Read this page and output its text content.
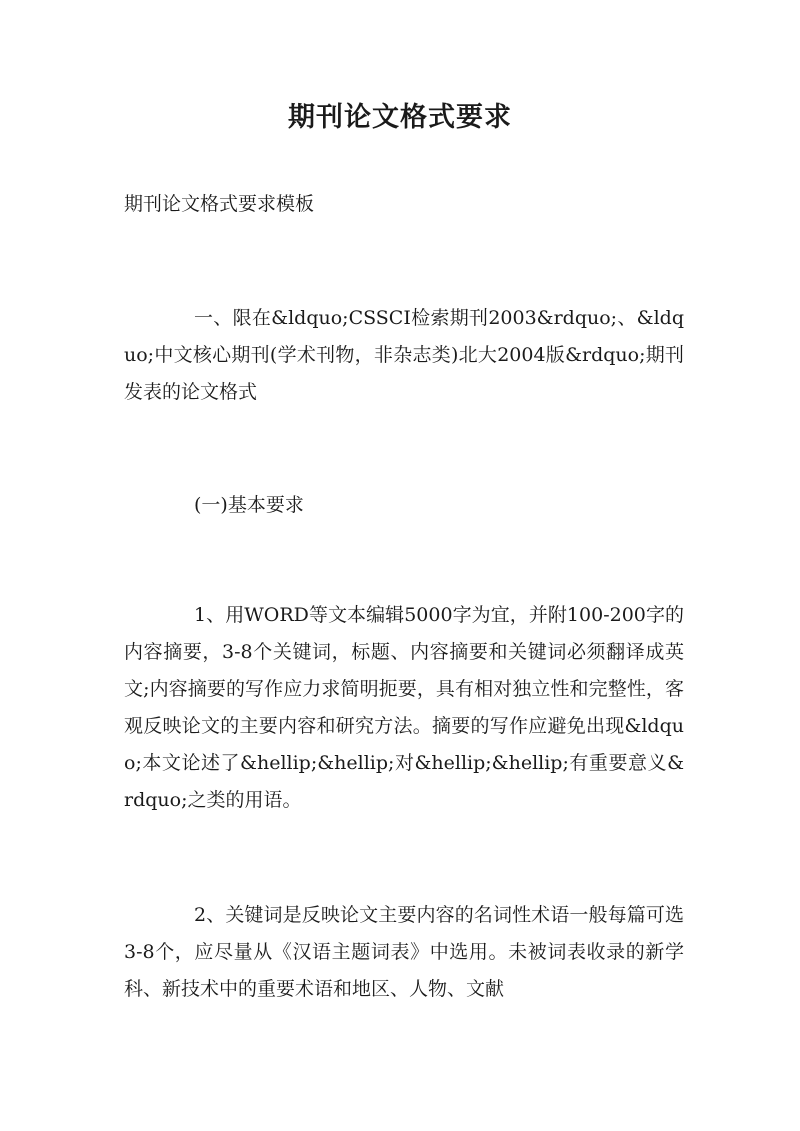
期刊论文格式要求

期刊论文格式要求模板

一、限在&ldquo;CSSCI检索期刊2003&rdquo;、&ldquo;中文核心期刊(学术刊物，非杂志类)北大2004版&rdquo;期刊发表的论文格式

(一)基本要求

1、用WORD等文本编辑5000字为宜，并附100-200字的内容摘要，3-8个关键词，标题、内容摘要和关键词必须翻译成英文;内容摘要的写作应力求简明扼要，具有相对独立性和完整性，客观反映论文的主要内容和研究方法。摘要的写作应避免出现&ldquo;本文论述了&hellip;&hellip;对&hellip;&hellip;有重要意义&rdquo;之类的用语。

2、关键词是反映论文主要内容的名词性术语一般每篇可选3-8个，应尽量从《汉语主题词表》中选用。未被词表收录的新学科、新技术中的重要术语和地区、人物、文献
